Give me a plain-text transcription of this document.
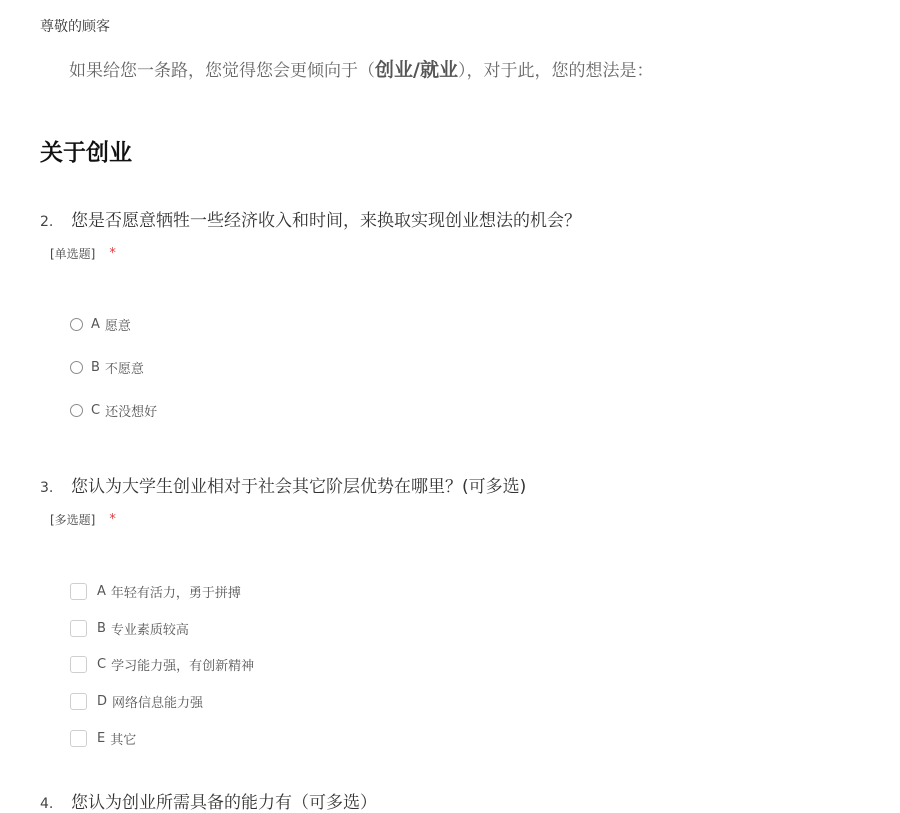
尊敬的顾客
如果给您一条路，您觉得您会更倾向于（创业/就业），对于此，您的想法是：
关于创业
2.	您是否愿意牺牲一些经济收入和时间，来换取实现创业想法的机会？
[单选题] *
A 愿意
B 不愿意
C 还没想好
3.	您认为大学生创业相对于社会其它阶层优势在哪里？(可多选)
[多选题] *
A 年轻有活力，勇于拼搏
B 专业素质较高
C 学习能力强，有创新精神
D 网络信息能力强
E 其它
4.	您认为创业所需具备的能力有（可多选）
